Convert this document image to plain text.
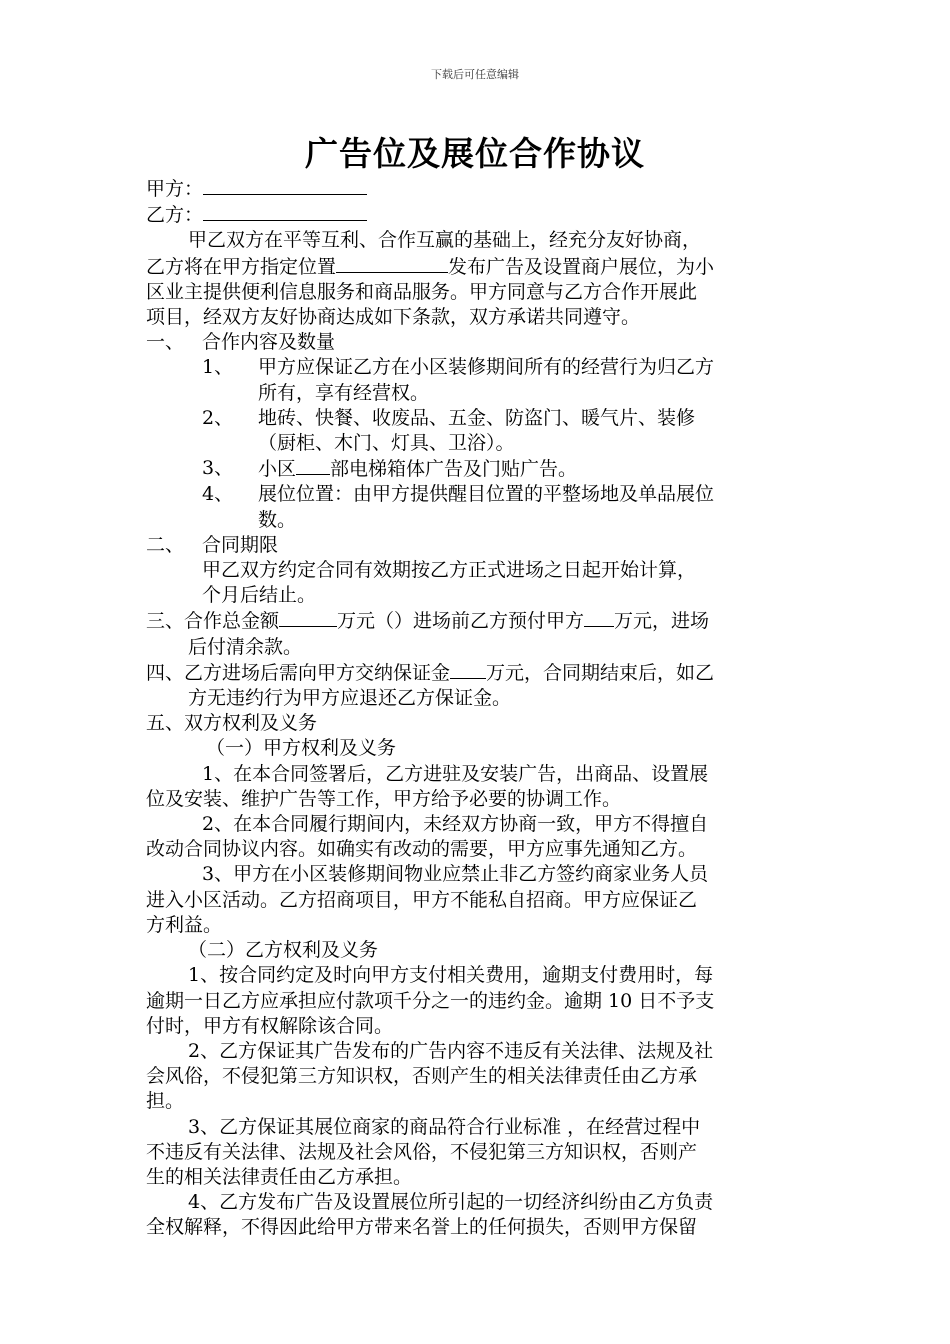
下载后可任意编辑
广告位及展位合作协议
甲方：
乙方：
甲乙双方在平等互利、合作互赢的基础上，经充分友好协商，
乙方将在甲方指定位置	发布广告及设置商户展位，为小
区业主提供便利信息服务和商品服务。甲方同意与乙方合作开展此
项目，经双方友好协商达成如下条款，双方承诺共同遵守。
一、 合作内容及数量
1、 甲方应保证乙方在小区装修期间所有的经营行为归乙方
所有，享有经营权。
2、 地砖、快餐、收废品、五金、防盗门、暖气片、装修
（厨柜、木门、灯具、卫浴）。
3、 小区 部电梯箱体广告及门贴广告。
4、 展位位置：由甲方提供醒目位置的平整场地及单品展位
数。
二、 合同期限
甲乙双方约定合同有效期按乙方正式进场之日起开始计算，
个月后结止。
三、合作总金额	万元（）进场前乙方预付甲方 万元，进场
后付清余款。
四、乙方进场后需向甲方交纳保证金 万元，合同期结束后，如乙
方无违约行为甲方应退还乙方保证金。
五、双方权利及义务
（一）甲方权利及义务
1、在本合同签署后，乙方进驻及安装广告，出商品、设置展
位及安装、维护广告等工作，甲方给予必要的协调工作。
2、在本合同履行期间内，未经双方协商一致，甲方不得擅自
改动合同协议内容。如确实有改动的需要，甲方应事先通知乙方。
3、甲方在小区装修期间物业应禁止非乙方签约商家业务人员
进入小区活动。乙方招商项目，甲方不能私自招商。甲方应保证乙
方利益。
（二）乙方权利及义务
1、按合同约定及时向甲方支付相关费用，逾期支付费用时，每
逾期一日乙方应承担应付款项千分之一的违约金。逾期 10 日不予支
付时，甲方有权解除该合同。
2、乙方保证其广告发布的广告内容不违反有关法律、法规及社
会风俗，不侵犯第三方知识权，否则产生的相关法律责任由乙方承
担。
3、乙方保证其展位商家的商品符合行业标准 ，在经营过程中
不违反有关法律、法规及社会风俗，不侵犯第三方知识权，否则产
生的相关法律责任由乙方承担。
4、乙方发布广告及设置展位所引起的一切经济纠纷由乙方负责
全权解释，不得因此给甲方带来名誉上的任何损失，否则甲方保留
